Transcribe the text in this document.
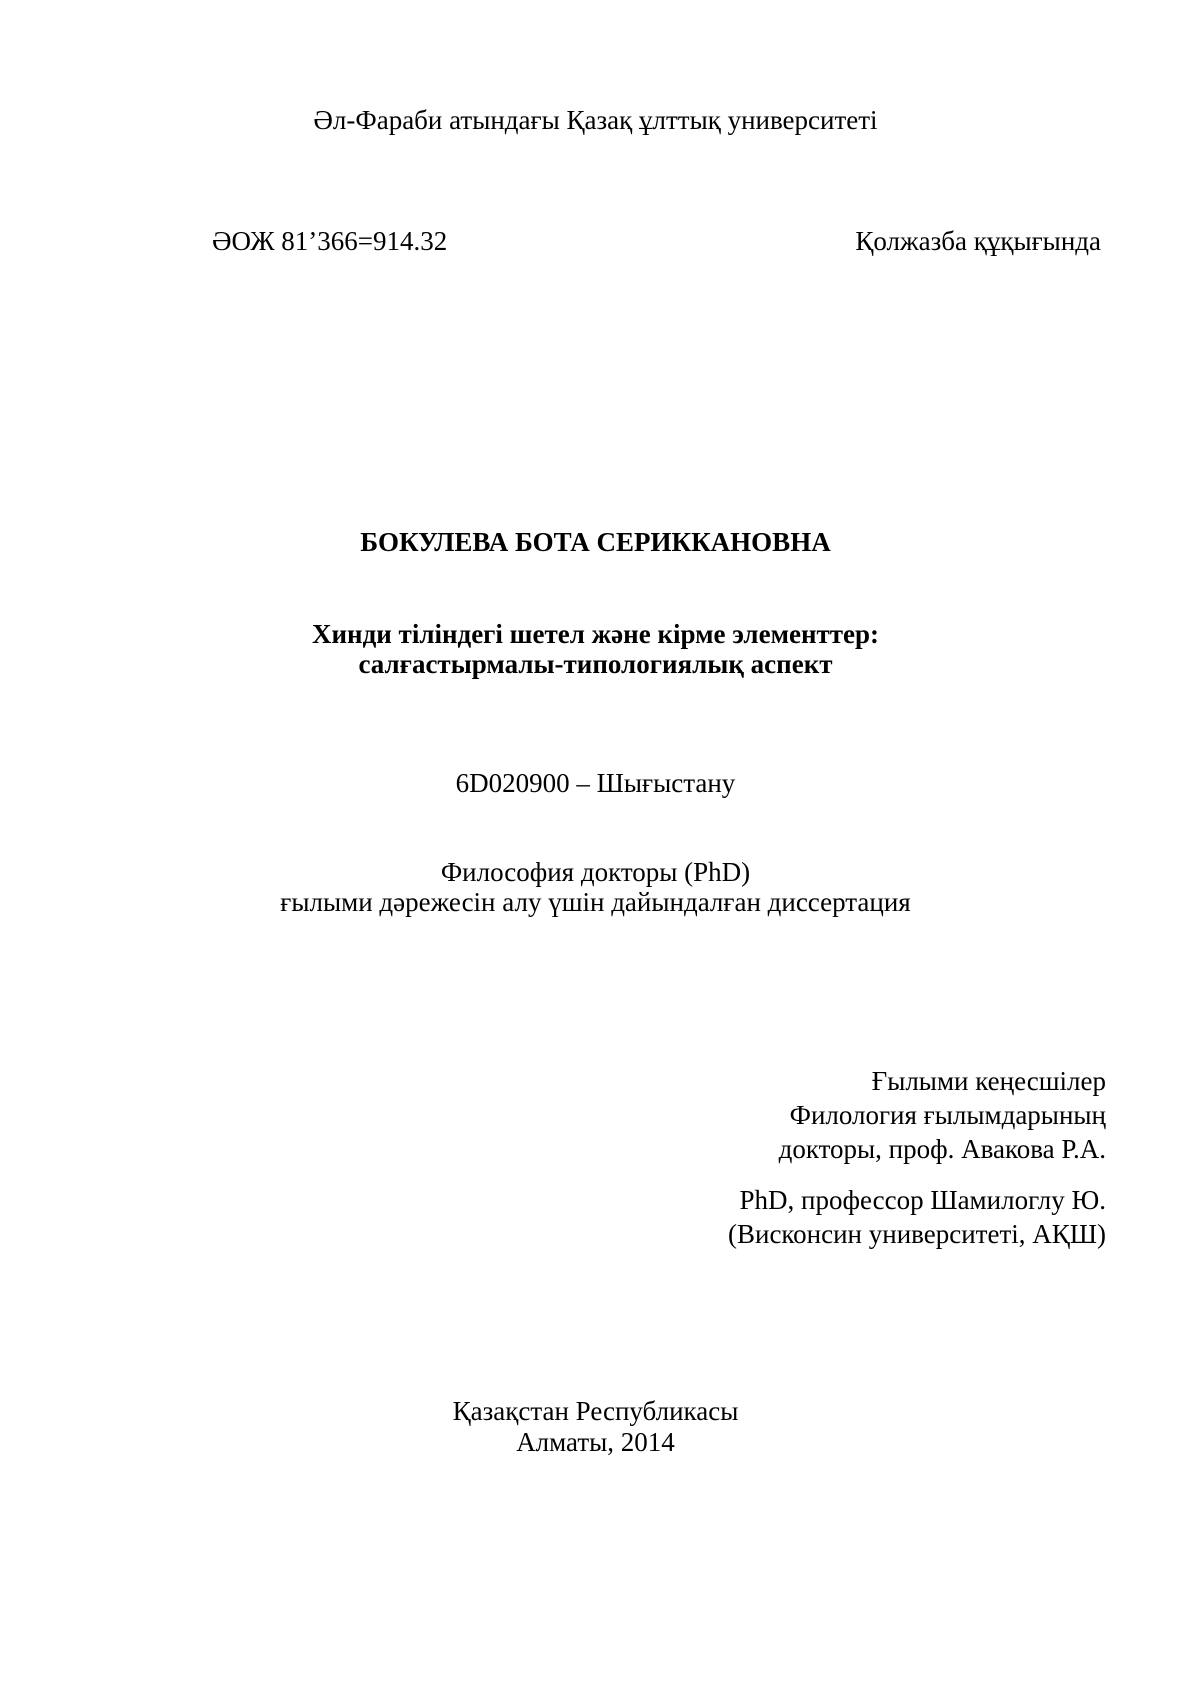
Әл-Фараби атындағы Қазақ ұлттық университеті
ӘОЖ 81’366=914.32	Қолжазба құқығында
БОКУЛЕВА БОТА СЕРИККАНОВНА
Хинди тіліндегі шетел және кірме элементтер:
салғастырмалы-типологиялық аспект
6D020900 – Шығыстану
Философия докторы (PhD)
ғылыми дәрежесін алу үшін дайындалған диссертация
Ғылыми кеңесшілер
Филология ғылымдарының
докторы, проф. Авакова Р.А.
PhD, профессор Шамилоглу Ю.
(Висконсин университеті, АҚШ)
Қазақстан Республикасы
Алматы, 2014
